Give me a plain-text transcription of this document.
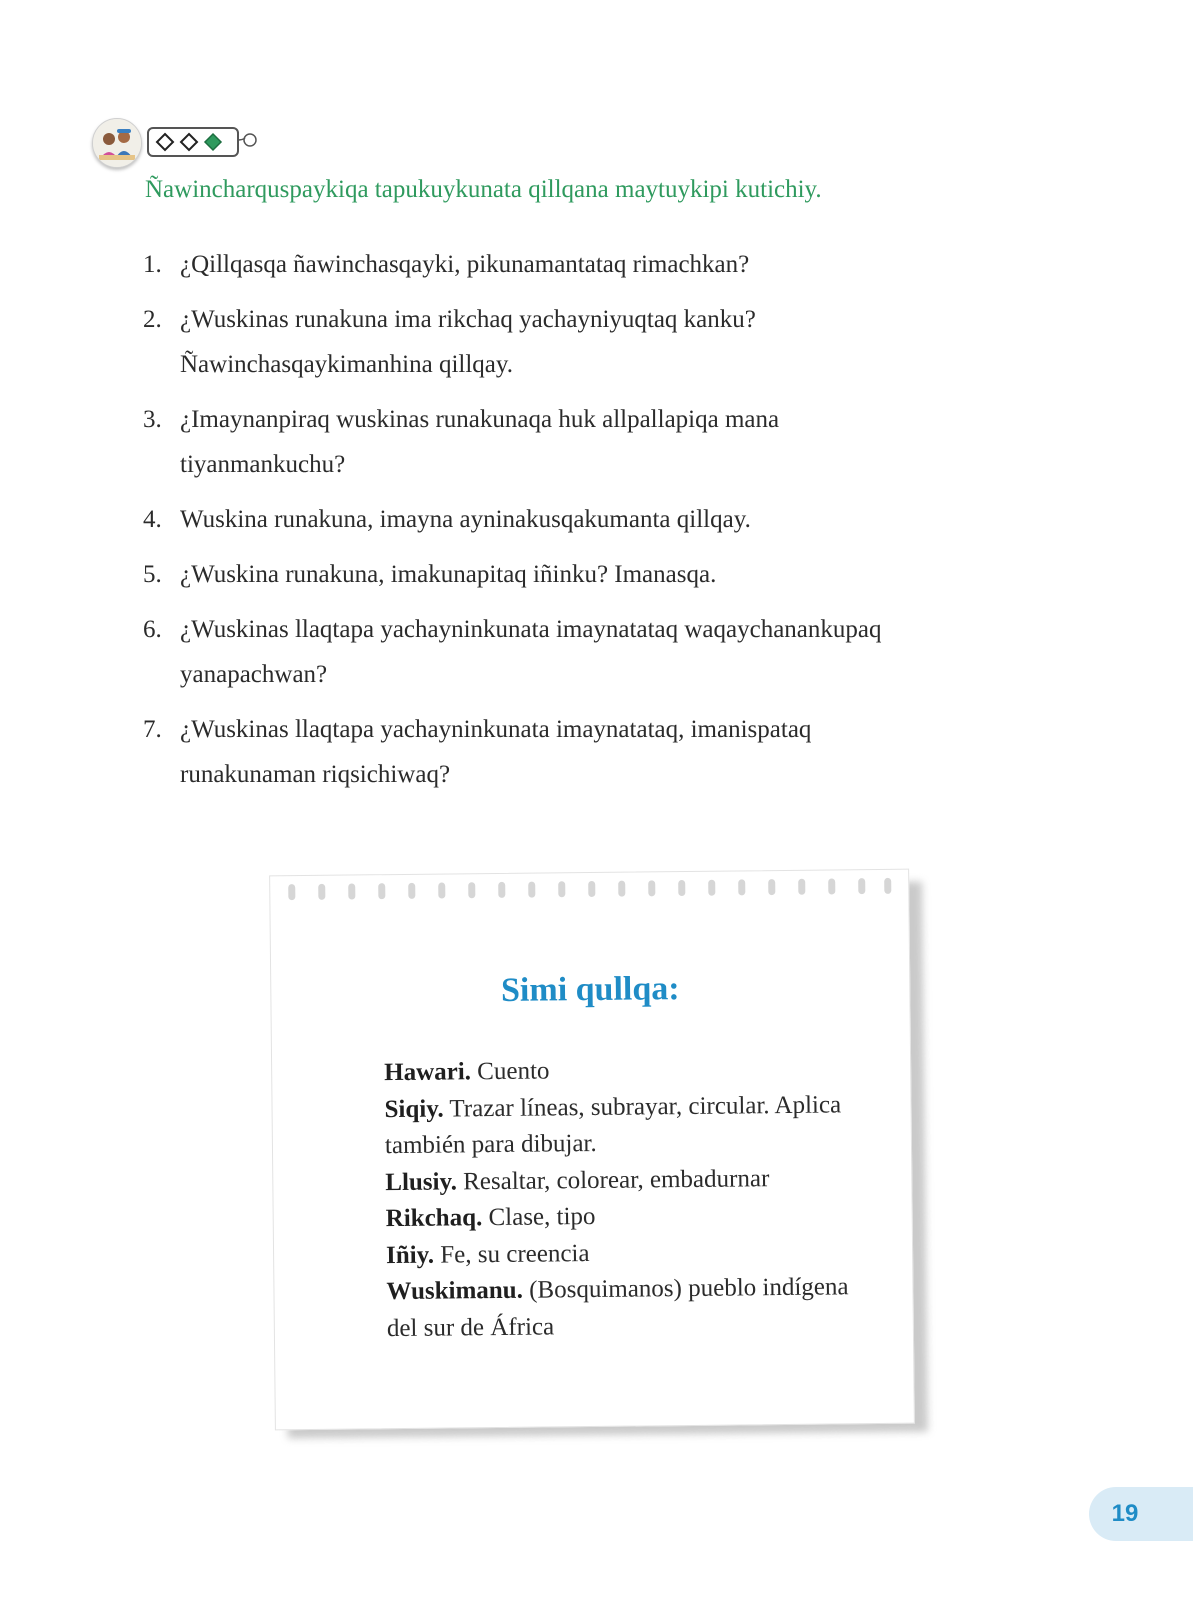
Ñawincharquspaykiqa tapukuykunata qillqana maytuykipi kutichiy.
1. ¿Qillqasqa ñawinchasqayki, pikunamantataq rimachkan?
2. ¿Wuskinas runakuna ima rikchaq yachayniyuqtaq kanku?
Ñawinchasqaykimanhina qillqay.
3. ¿Imaynanpiraq wuskinas runakunaqa huk allpallapiqa mana
tiyanmankuchu?
4. Wuskina runakuna, imayna ayninakusqakumanta qillqay.
5. ¿Wuskina runakuna, imakunapitaq iñinku? Imanasqa.
6. ¿Wuskinas llaqtapa yachayninkunata imaynatataq waqaychanankupaq
yanapachwan?
7. ¿Wuskinas llaqtapa yachayninkunata imaynatataq, imanispataq
runakunaman riqsichiwaq?
Simi qullqa:
Hawari. Cuento
Siqiy. Trazar líneas, subrayar, circular. Aplica también para dibujar.
Llusiy. Resaltar, colorear, embadurnar
Rikchaq. Clase, tipo
Iñiy. Fe, su creencia
Wuskimanu. (Bosquimanos) pueblo indígena del sur de África
19
